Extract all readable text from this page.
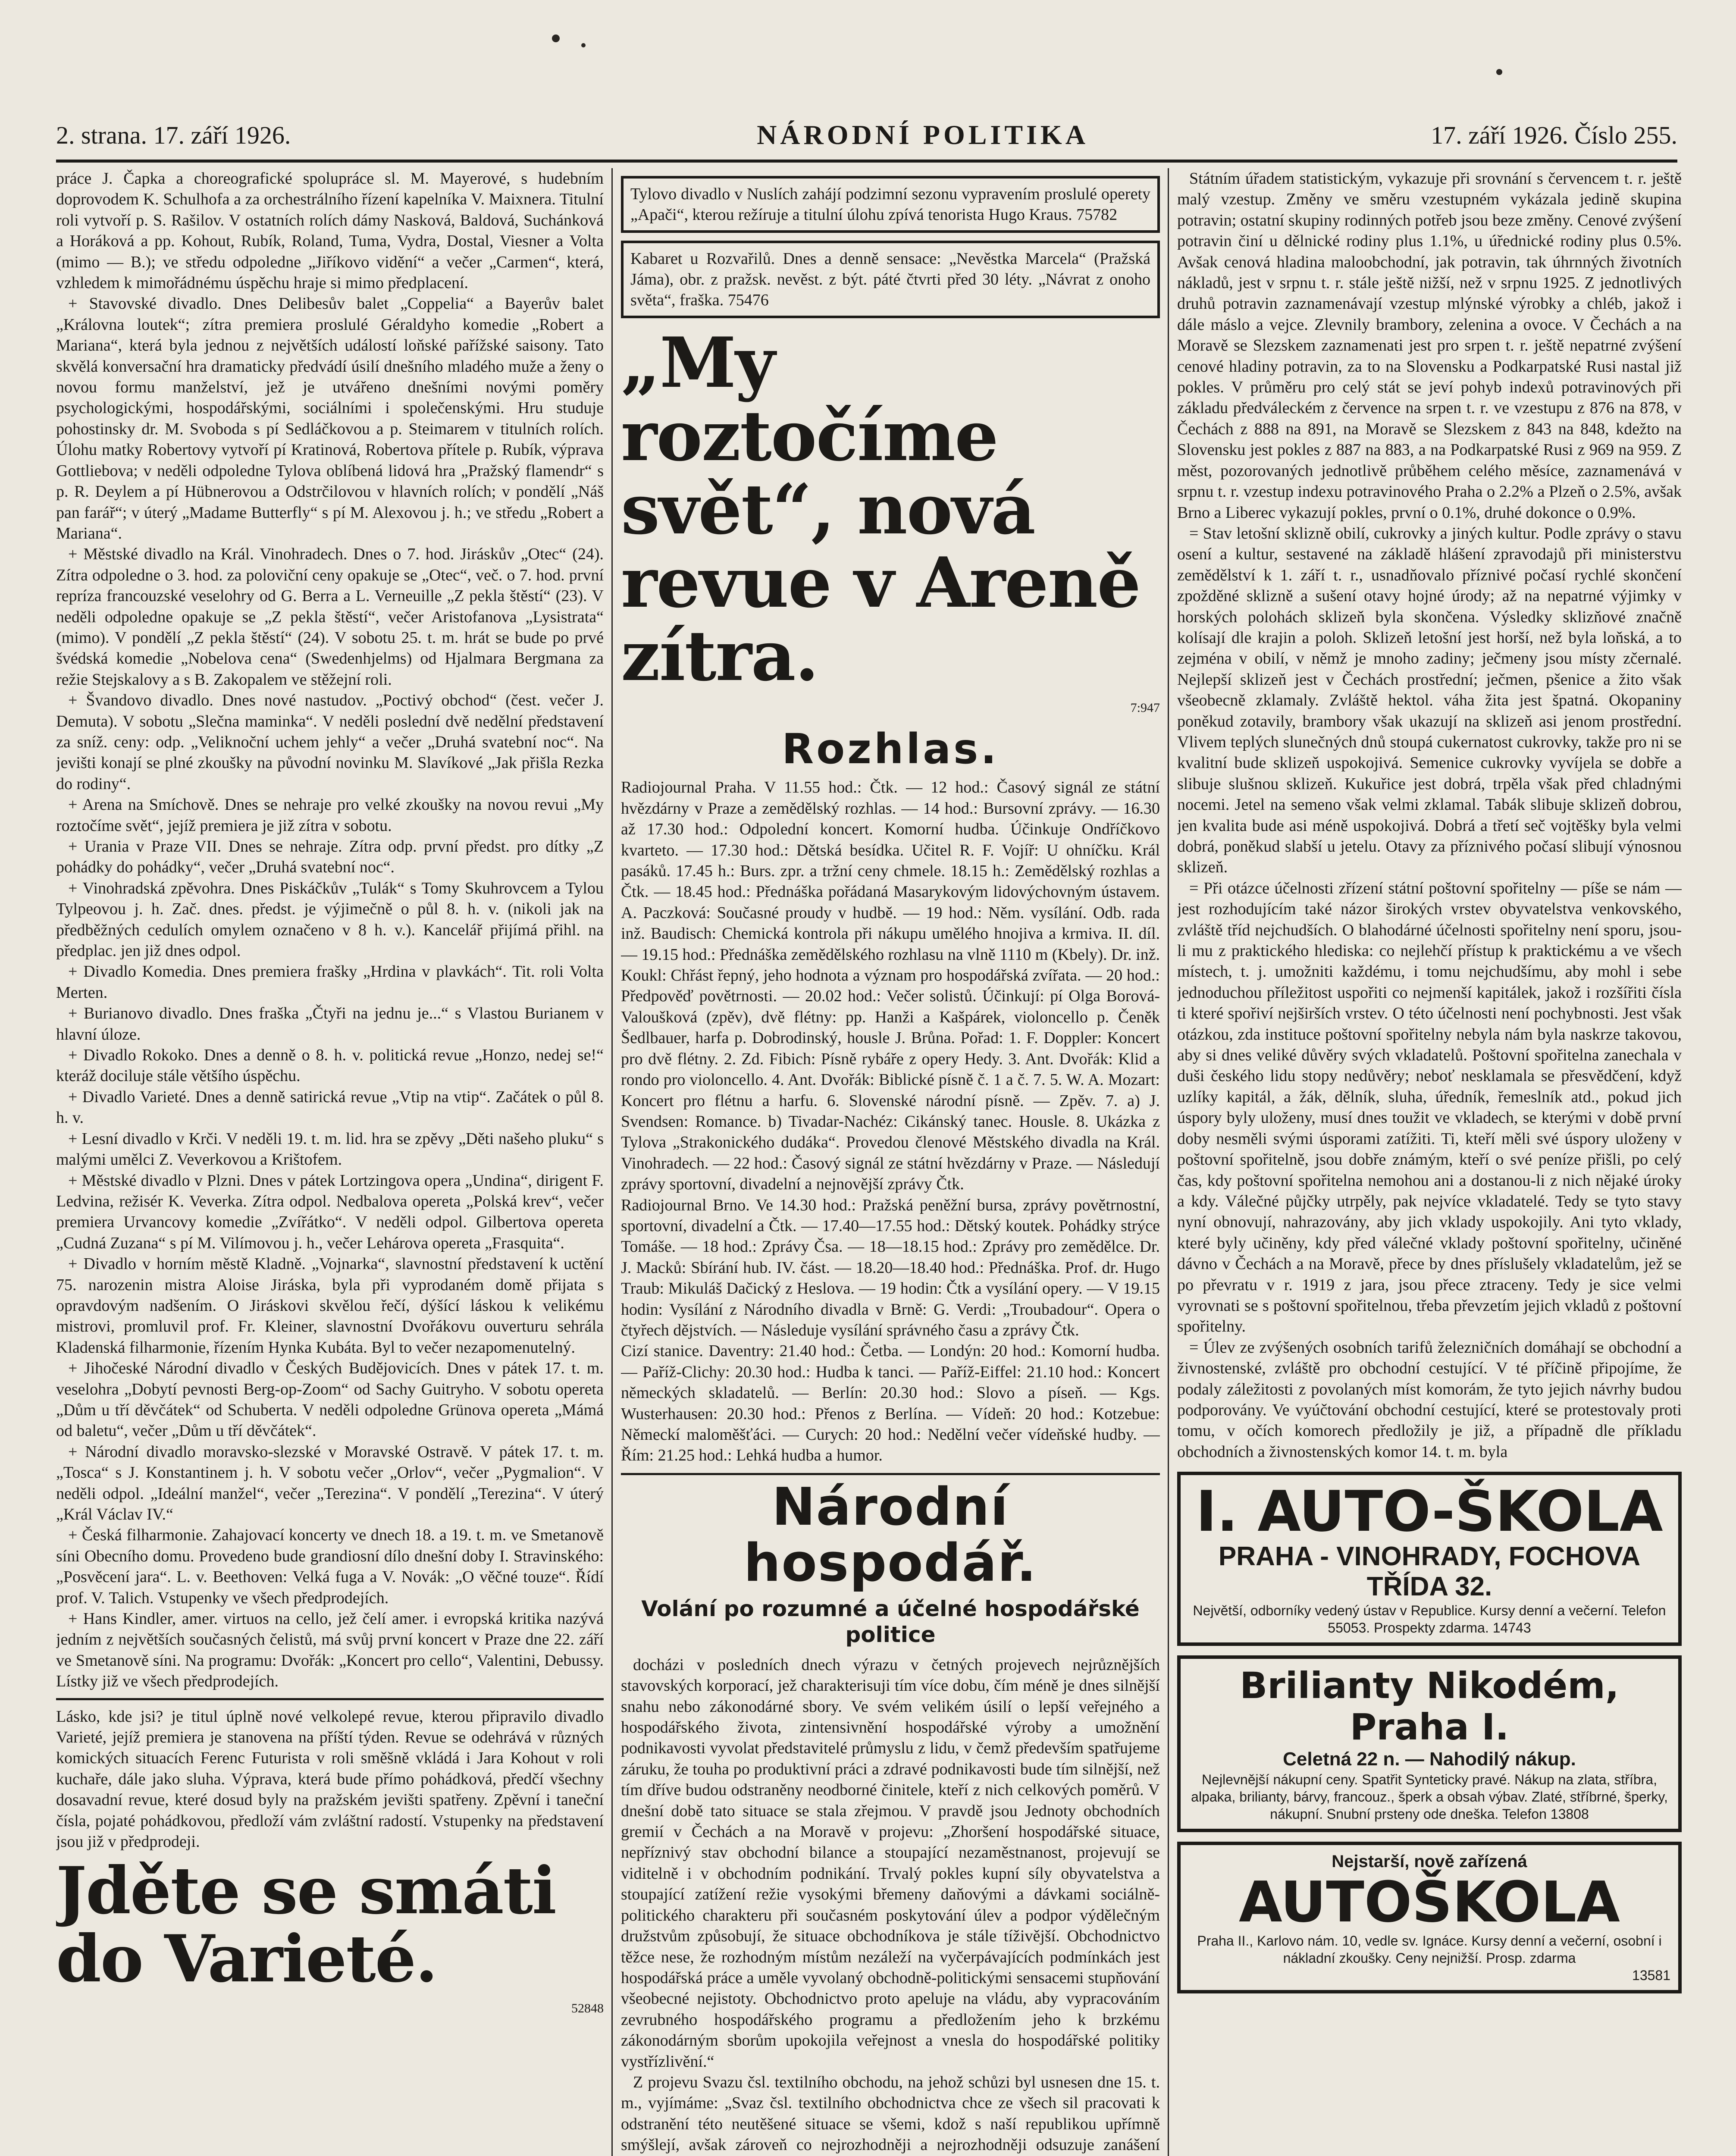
2. strana. 17. září 1926.	NÁRODNÍ POLITIKA	17. září 1926. Číslo 255.

práce J. Čapka a choreografické spolupráce sl. M. Mayerové, s hudebním doprovodem K. Schulhofa a za orchestrálního řízení kapelníka V. Maixnera. Titulní roli vytvoří p. S. Rašilov. V ostatních rolích dámy Nasková, Baldová, Suchánková a Horáková a pp. Kohout, Rubík, Roland, Tuma, Vydra, Dostal, Viesner a Volta (mimo — B.); ve středu odpoledne „Jiříkovo vidění“ a večer „Carmen“, která, vzhledem k mimořádnému úspěchu hraje si mimo předplacení.

+ Stavovské divadlo. Dnes Delibesův balet „Coppelia“ a Bayerův balet „Královna loutek“; zítra premiera proslulé Géraldyho komedie „Robert a Mariana“, která byla jednou z největších událostí loňské pařížské saisony. Tato skvělá konversační hra dramaticky předvádí úsilí dnešního mladého muže a ženy o novou formu manželství, jež je utvářeno dnešními novými poměry psychologickými, hospodářskými, sociálními i společenskými. Hru studuje pohostinsky dr. M. Svoboda s pí Sedláčkovou a p. Steimarem v titulních rolích. Úlohu matky Robertovy vytvoří pí Kratinová, Robertova přítele p. Rubík, výprava Gottliebova; v neděli odpoledne Tylova oblíbená lidová hra „Pražský flamendr“ s p. R. Deylem a pí Hübnerovou a Odstrčilovou v hlavních rolích; v pondělí „Náš pan farář“; v úterý „Madame Butterfly“ s pí M. Alexovou j. h.; ve středu „Robert a Mariana“.

+ Městské divadlo na Král. Vinohradech. Dnes o 7. hod. Jiráskův „Otec“ (24). Zítra odpoledne o 3. hod. za poloviční ceny opakuje se „Otec“, več. o 7. hod. první repríza francouzské veselohry od G. Berra a L. Verneuille „Z pekla štěstí“ (23). V neděli odpoledne opakuje se „Z pekla štěstí“, večer Aristofanova „Lysistrata“ (mimo). V pondělí „Z pekla štěstí“ (24). V sobotu 25. t. m. hrát se bude po prvé švédská komedie „Nobelova cena“ (Swedenhjelms) od Hjalmara Bergmana za režie Stejskalovy a s B. Zakopalem ve stěžejní roli.

+ Švandovo divadlo. Dnes nové nastudov. „Poctivý obchod“ (čest. večer J. Demuta). V sobotu „Slečna maminka“. V neděli poslední dvě nedělní představení za sníž. ceny: odp. „Veliknoční uchem jehly“ a večer „Druhá svatební noc“. Na jevišti konají se plné zkoušky na původní novinku M. Slavíkové „Jak přišla Rezka do rodiny“.

+ Arena na Smíchově. Dnes se nehraje pro velké zkoušky na novou revui „My roztočíme svět“, jejíž premiera je již zítra v sobotu.

+ Urania v Praze VII. Dnes se nehraje. Zítra odp. první předst. pro dítky „Z pohádky do pohádky“, večer „Druhá svatební noc“.

+ Vinohradská zpěvohra. Dnes Piskáčkův „Tulák“ s Tomy Skuhrovcem a Tylou Tylpeovou j. h. Zač. dnes. předst. je výjimečně o půl 8. h. v. (nikoli jak na předběžných cedulích omylem označeno v 8 h. v.). Kancelář přijímá přihl. na předplac. jen již dnes odpol.

+ Divadlo Komedia. Dnes premiera frašky „Hrdina v plavkách“. Tit. roli Volta Merten.

+ Burianovo divadlo. Dnes fraška „Čtyři na jednu je...“ s Vlastou Burianem v hlavní úloze.

+ Divadlo Rokoko. Dnes a denně o 8. h. v. politická revue „Honzo, nedej se!“ kteráž dociluje stále většího úspěchu.

+ Divadlo Varieté. Dnes a denně satirická revue „Vtip na vtip“. Začátek o půl 8. h. v.

+ Lesní divadlo v Krči. V neděli 19. t. m. lid. hra se zpěvy „Děti našeho pluku“ s malými umělci Z. Veverkovou a Krištofem.

+ Městské divadlo v Plzni. Dnes v pátek Lortzingova opera „Undina“, dirigent F. Ledvina, režisér K. Veverka. Zítra odpol. Nedbalova opereta „Polská krev“, večer premiera Urvancovy komedie „Zvířátko“. V neděli odpol. Gilbertova opereta „Cudná Zuzana“ s pí M. Vilímovou j. h., večer Lehárova opereta „Frasquita“.

+ Divadlo v horním městě Kladně. „Vojnarka“, slavnostní představení k uctění 75. narozenin mistra Aloise Jiráska, byla při vyprodaném domě přijata s opravdovým nadšením. O Jiráskovi skvělou řečí, dýšící láskou k velikému mistrovi, promluvil prof. Fr. Kleiner, slavnostní Dvořákovu ouverturu sehrála Kladenská filharmonie, řízením Hynka Kubáta. Byl to večer nezapomenutelný.

+ Jihočeské Národní divadlo v Českých Budějovicích. Dnes v pátek 17. t. m. veselohra „Dobytí pevnosti Berg-op-Zoom“ od Sachy Guitryho. V sobotu opereta „Dům u tří děvčátek“ od Schuberta. V neděli odpoledne Grünova opereta „Mámá od baletu“, večer „Dům u tří děvčátek“.

+ Národní divadlo moravsko-slezské v Moravské Ostravě. V pátek 17. t. m. „Tosca“ s J. Konstantinem j. h. V sobotu večer „Orlov“, večer „Pygmalion“. V neděli odpol. „Ideální manžel“, večer „Terezina“. V pondělí „Terezina“. V úterý „Král Václav IV.“

+ Česká filharmonie. Zahajovací koncerty ve dnech 18. a 19. t. m. ve Smetanově síni Obecního domu. Provedeno bude grandiosní dílo dnešní doby I. Stravinského: „Posvěcení jara“. L. v. Beethoven: Velká fuga a V. Novák: „O věčné touze“. Řídí prof. V. Talich. Vstupenky ve všech předprodejích.

+ Hans Kindler, amer. virtuos na cello, jež čelí amer. i evropská kritika nazývá jedním z největších současných čelistů, má svůj první koncert v Praze dne 22. září ve Smetanově síni. Na programu: Dvořák: „Koncert pro cello“, Valentini, Debussy. Lístky již ve všech předprodejích.

Lásko, kde jsi? je titul úplně nové velkolepé revue, kterou připravilo divadlo Varieté, jejíž premiera je stanovena na příští týden. Revue se odehrává v různých komických situacích Ferenc Futurista v roli směšně vkládá i Jara Kohout v roli kuchaře, dále jako sluha. Výprava, která bude přímo pohádková, předčí všechny dosavadní revue, které dosud byly na pražském jevišti spatřeny. Zpěvní i taneční čísla, pojaté pohádkovou, předloží vám zvláštní radostí. Vstupenky na představení jsou již v předprodeji.

Jděte se smáti do Varieté.
52848
Tylovo divadlo v Nuslích zahájí podzimní sezonu vypravením proslulé operety „Apači“, kterou režíruje a titulní úlohu zpívá tenorista Hugo Kraus. 75782
Kabaret u Rozvařilů. Dnes a denně sensace: „Nevěstka Marcela“ (Pražská Jáma), obr. z pražsk. nevěst. z být. páté čtvrti před 30 léty. „Návrat z onoho světa“, fraška. 75476
„My roztočíme svět“, nová revue v Areně zítra.
7:947
Rozhlas.

Radiojournal Praha. V 11.55 hod.: Čtk. — 12 hod.: Časový signál ze státní hvězdárny v Praze a zemědělský rozhlas. — 14 hod.: Bursovní zprávy. — 16.30 až 17.30 hod.: Odpolední koncert. Komorní hudba. Účinkuje Ondříčkovo kvarteto. — 17.30 hod.: Dětská besídka. Učitel R. F. Vojíř: U ohníčku. Král pasáků. 17.45 h.: Burs. zpr. a tržní ceny chmele. 18.15 h.: Zemědělský rozhlas a Čtk. — 18.45 hod.: Přednáška pořádaná Masarykovým lidovýchovným ústavem. A. Paczková: Současné proudy v hudbě. — 19 hod.: Něm. vysílání. Odb. rada inž. Baudisch: Chemická kontrola při nákupu umělého hnojiva a krmiva. II. díl. — 19.15 hod.: Přednáška zemědělského rozhlasu na vlně 1110 m (Kbely). Dr. inž. Koukl: Chřást řepný, jeho hodnota a význam pro hospodářská zvířata. — 20 hod.: Předpověď povětrnosti. — 20.02 hod.: Večer solistů. Účinkují: pí Olga Borová-Valoušková (zpěv), dvě flétny: pp. Hanži a Kašpárek, violoncello p. Čeněk Šedlbauer, harfa p. Dobrodinský, housle J. Brůna. Pořad: 1. F. Doppler: Koncert pro dvě flétny. 2. Zd. Fibich: Písně rybáře z opery Hedy. 3. Ant. Dvořák: Klid a rondo pro violoncello. 4. Ant. Dvořák: Biblické písně č. 1 a č. 7. 5. W. A. Mozart: Koncert pro flétnu a harfu. 6. Slovenské národní písně. — Zpěv. 7. a) J. Svendsen: Romance. b) Tivadar-Nachéz: Cikánský tanec. Housle. 8. Ukázka z Tylova „Strakonického dudáka“. Provedou členové Městského divadla na Král. Vinohradech. — 22 hod.: Časový signál ze státní hvězdárny v Praze. — Následují zprávy sportovní, divadelní a nejnovější zprávy Čtk.

Radiojournal Brno. Ve 14.30 hod.: Pražská peněžní bursa, zprávy povětrnostní, sportovní, divadelní a Čtk. — 17.40—17.55 hod.: Dětský koutek. Pohádky strýce Tomáše. — 18 hod.: Zprávy Čsa. — 18—18.15 hod.: Zprávy pro zemědělce. Dr. J. Macků: Sbírání hub. IV. část. — 18.20—18.40 hod.: Přednáška. Prof. dr. Hugo Traub: Mikuláš Dačický z Heslova. — 19 hodin: Čtk a vysílání opery. — V 19.15 hodin: Vysílání z Národního divadla v Brně: G. Verdi: „Troubadour“. Opera o čtyřech dějstvích. — Následuje vysílání správného času a zprávy Čtk.

Cizí stanice. Daventry: 21.40 hod.: Četba. — Londýn: 20 hod.: Komorní hudba. — Paříž-Clichy: 20.30 hod.: Hudba k tanci. — Paříž-Eiffel: 21.10 hod.: Koncert německých skladatelů. — Berlín: 20.30 hod.: Slovo a píseň. — Kgs. Wusterhausen: 20.30 hod.: Přenos z Berlína. — Vídeň: 20 hod.: Kotzebue: Německí maloměšťáci. — Curych: 20 hod.: Nedělní večer vídeňské hudby. — Řím: 21.25 hod.: Lehká hudba a humor.

Národní hospodář.
Volání po rozumné a účelné hospodářské politice

docházi v posledních dnech výrazu v četných projevech nejrůznějších stavovských korporací, jež charakterisuji tím více dobu, čím méně je dnes silnější snahu nebo zákonodárné sbory. Ve svém velikém úsilí o lepší veřejného a hospodářského života, zintensivnění hospodářské výroby a umožnění podnikavosti vyvolat představitelé průmyslu z lidu, v čemž především spatřujeme záruku, že touha po produktivní práci a zdravé podnikavosti bude tím silnější, než tím dříve budou odstraněny neodborné činitele, kteří z nich celkových poměrů. V dnešní době tato situace se stala zřejmou. V pravdě jsou Jednoty obchodních gremií v Čechách a na Moravě v projevu: „Zhoršení hospodářské situace, nepříznivý stav obchodní bilance a stoupající nezaměstnanost, projevují se viditelně i v obchodním podnikání. Trvalý pokles kupní síly obyvatelstva a stoupající zatížení režie vysokými břemeny daňovými a dávkami sociálně-politického charakteru při současném poskytování úlev a podpor výdělečným družstvům způsobují, že situace obchodníkova je stále tíživější. Obchodnictvo těžce nese, že rozhodným místům nezáleží na vyčerpávajících podmínkách jest hospodářská práce a uměle vyvolaný obchodně-politickými sensacemi stupňování všeobecné nejistoty. Obchodnictvo proto apeluje na vládu, aby vypracováním zevrubného hospodářského programu a předložením jeho k brzkému zákonodárným sborům upokojila veřejnost a vnesla do hospodářské politiky vystřízlivění.“

Z projevu Svazu čsl. textilního obchodu, na jehož schůzi byl usnesen dne 15. t. m., vyjímáme: „Svaz čsl. textilního obchodnictva chce ze všech sil pracovati k odstranění této neutěšené situace se všemi, kdož s naší republikou upřímně smýšlejí, avšak zároveň co nejrozhodněji a nejrozhodněji odsuzuje zanášení

Státním úřadem statistickým, vykazuje při srovnání s červencem t. r. ještě malý vzestup. Změny ve směru vzestupném vykázala jedině skupina potravin; ostatní skupiny rodinných potřeb jsou beze změny. Cenové zvýšení potravin činí u dělnické rodiny plus 1.1%, u úřednické rodiny plus 0.5%. Avšak cenová hladina maloobchodní, jak potravin, tak úhrnných životních nákladů, jest v srpnu t. r. stále ještě nižší, než v srpnu 1925. Z jednotlivých druhů potravin zaznamenávají vzestup mlýnské výrobky a chléb, jakož i dále máslo a vejce. Zlevnily brambory, zelenina a ovoce. V Čechách a na Moravě se Slezskem zaznamenati jest pro srpen t. r. ještě nepatrné zvýšení cenové hladiny potravin, za to na Slovensku a Podkarpatské Rusi nastal již pokles. V průměru pro celý stát se jeví pohyb indexů potravinových při základu předváleckém z července na srpen t. r. ve vzestupu z 876 na 878, v Čechách z 888 na 891, na Moravě se Slezskem z 843 na 848, kdežto na Slovensku jest pokles z 887 na 883, a na Podkarpatské Rusi z 969 na 959. Z měst, pozorovaných jednotlivě průběhem celého měsíce, zaznamenává v srpnu t. r. vzestup indexu potravinového Praha o 2.2% a Plzeň o 2.5%, avšak Brno a Liberec vykazují pokles, první o 0.1%, druhé dokonce o 0.9%.

= Stav letošní sklizně obilí, cukrovky a jiných kultur. Podle zprávy o stavu osení a kultur, sestavené na základě hlášení zpravodajů při ministerstvu zemědělství k 1. září t. r., usnadňovalo příznivé počasí rychlé skončení zpožděné sklizně a sušení otavy hojné úrody; až na nepatrné výjimky v horských polohách sklizeň byla skončena. Výsledky sklizňové značně kolísají dle krajin a poloh. Sklizeň letošní jest horší, než byla loňská, a to zejména v obilí, v němž je mnoho zadiny; ječmeny jsou místy zčernalé. Nejlepší sklizeň jest v Čechách prostřední; ječmen, pšenice a žito však všeobecně zklamaly. Zvláště hektol. váha žita jest špatná. Okopaniny poněkud zotavily, brambory však ukazují na sklizeň asi jenom prostřední. Vlivem teplých slunečných dnů stoupá cukernatost cukrovky, takže pro ni se kvalitní bude sklizeň uspokojivá. Semenice cukrovky vyvíjela se dobře a slibuje slušnou sklizeň. Kukuřice jest dobrá, trpěla však před chladnými nocemi. Jetel na semeno však velmi zklamal. Tabák slibuje sklizeň dobrou, jen kvalita bude asi méně uspokojivá. Dobrá a třetí seč vojtěšky byla velmi dobrá, poněkud slabší u jetelu. Otavy za příznivého počasí slibují výnosnou sklizeň.

= Při otázce účelnosti zřízení státní poštovní spořitelny — píše se nám — jest rozhodujícím také názor širokých vrstev obyvatelstva venkovského, zvláště tříd nejchudších. O blahodárné účelnosti spořitelny není sporu, jsou-li mu z praktického hlediska: co nejlehčí přístup k praktickému a ve všech místech, t. j. umožniti každému, i tomu nejchudšímu, aby mohl i sebe jednoduchou příležitost uspořiti co nejmenší kapitálek, jakož i rozšířiti čísla ti které spořiví nejširších vrstev. O této účelnosti není pochybnosti. Jest však otázkou, zda instituce poštovní spořitelny nebyla nám byla naskrze takovou, aby si dnes veliké důvěry svých vkladatelů. Poštovní spořitelna zanechala v duši českého lidu stopy nedůvěry; neboť nesklamala se přesvědčení, když uzlíky kapitál, a žák, dělník, sluha, úředník, řemeslník atd., pokud jich úspory byly uloženy, musí dnes toužit ve vkladech, se kterými v době první doby nesměli svými úsporami zatížiti. Ti, kteří měli své úspory uloženy v poštovní spořitelně, jsou dobře známým, kteří o své peníze přišli, po celý čas, kdy poštovní spořitelna nemohou ani a dostanou-li z nich nějaké úroky a kdy. Válečné půjčky utrpěly, pak nejvíce vkladatelé. Tedy se tyto stavy nyní obnovují, nahrazovány, aby jich vklady uspokojily. Ani tyto vklady, které byly učiněny, kdy před válečné vklady poštovní spořitelny, učiněné dávno v Čechách a na Moravě, přece by dnes příslušely vkladatelům, jež se po převratu v r. 1919 z jara, jsou přece ztraceny. Tedy je sice velmi vyrovnati se s poštovní spořitelnou, třeba převzetím jejich vkladů z poštovní spořitelny.

= Úlev ze zvýšených osobních tarifů železničních domáhají se obchodní a živnostenské, zvláště pro obchodní cestující. V té příčině připojíme, že podaly záležitosti z povolaných míst komorám, že tyto jejich návrhy budou podporovány. Ve vyúčtování obchodní cestující, které se protestovaly proti tomu, v očích komorech předložily je již, a případně dle příkladu obchodních a živnostenských komor 14. t. m. byla

I. AUTO-ŠKOLA
PRAHA - VINOHRADY, FOCHOVA TŘÍDA 32.
Největší, odborníky vedený ústav v Republice. Kursy denní a večerní. Telefon 55053. Prospekty zdarma. 14743
Brilianty Nikodém, Praha I.
Celetná 22 n. — Nahodilý nákup.
Nejlevnější nákupní ceny. Spatřit Synteticky pravé. Nákup na zlata, stříbra, alpaka, brilianty, bárvy, francouz., šperk a obsah výbav. Zlaté, stříbrné, šperky, nákupní. Snubní prsteny ode dneška. Telefon 13808
Nejstarší, nově zařízená
AUTOŠKOLA
Praha II., Karlovo nám. 10, vedle sv. Ignáce. Kursy denní a večerní, osobní i nákladní zkoušky. Ceny nejnižší. Prosp. zdarma
13581
